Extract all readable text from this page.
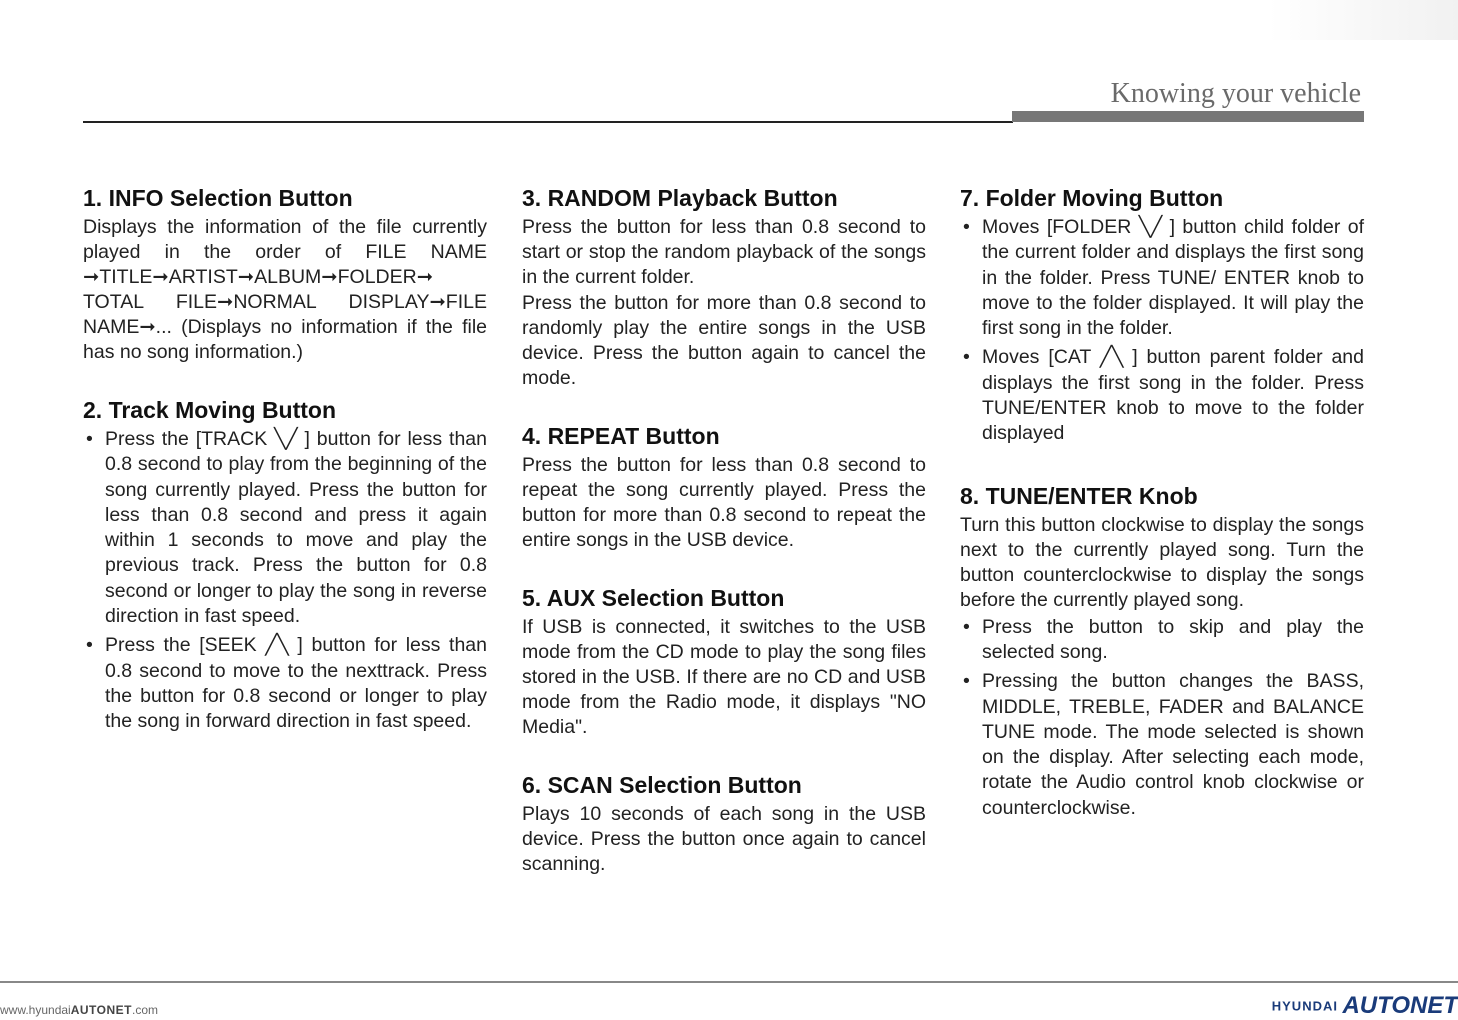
Knowing your vehicle
1. INFO Selection Button

Displays the information of the file currently played in the order of FILE NAME ➞TITLE➞ARTIST➞ALBUM➞FOLDER➞ TOTAL FILE➞NORMAL DISPLAY➞FILE NAME➞... (Displays no information if the file has no song information.)

2. Track Moving Button
• Press the [TRACK ╲╱ ] button for less than 0.8 second to play from the beginning of the song currently played. Press the button for less than 0.8 second and press it again within 1 seconds to move and play the previous track. Press the button for 0.8 second or longer to play the song in reverse direction in fast speed.
• Press the [SEEK ╱╲ ] button for less than 0.8 second to move to the nexttrack. Press the button for 0.8 second or longer to play the song in forward direction in fast speed.
3. RANDOM Playback Button

Press the button for less than 0.8 second to start or stop the random playback of the songs in the current folder.

Press the button for more than 0.8 second to randomly play the entire songs in the USB device. Press the button again to cancel the mode.

4. REPEAT Button

Press the button for less than 0.8 second to repeat the song currently played. Press the button for more than 0.8 second to repeat the entire songs in the USB device.

5. AUX Selection Button

If USB is connected, it switches to the USB mode from the CD mode to play the song files stored in the USB. If there are no CD and USB mode from the Radio mode, it displays "NO Media".

6. SCAN Selection Button

Plays 10 seconds of each song in the USB device. Press the button once again to cancel scanning.

7. Folder Moving Button
• Moves [FOLDER ╲╱ ] button child folder of the current folder and displays the first song in the folder. Press TUNE/ ENTER knob to move to the folder displayed. It will play the first song in the folder.
• Moves [CAT ╱╲ ] button parent folder and displays the first song in the folder. Press TUNE/ENTER knob to move to the folder displayed
8. TUNE/ENTER Knob

Turn this button clockwise to display the songs next to the currently played song. Turn the button counterclockwise to display the songs before the currently played song.

• Press the button to skip and play the selected song.
• Pressing the button changes the BASS, MIDDLE, TREBLE, FADER and BALANCE TUNE mode. The mode selected is shown on the display. After selecting each mode, rotate the Audio control knob clockwise or counterclockwise.
www.hyundaiAUTONET.com	HYUNDAI AUTONET
